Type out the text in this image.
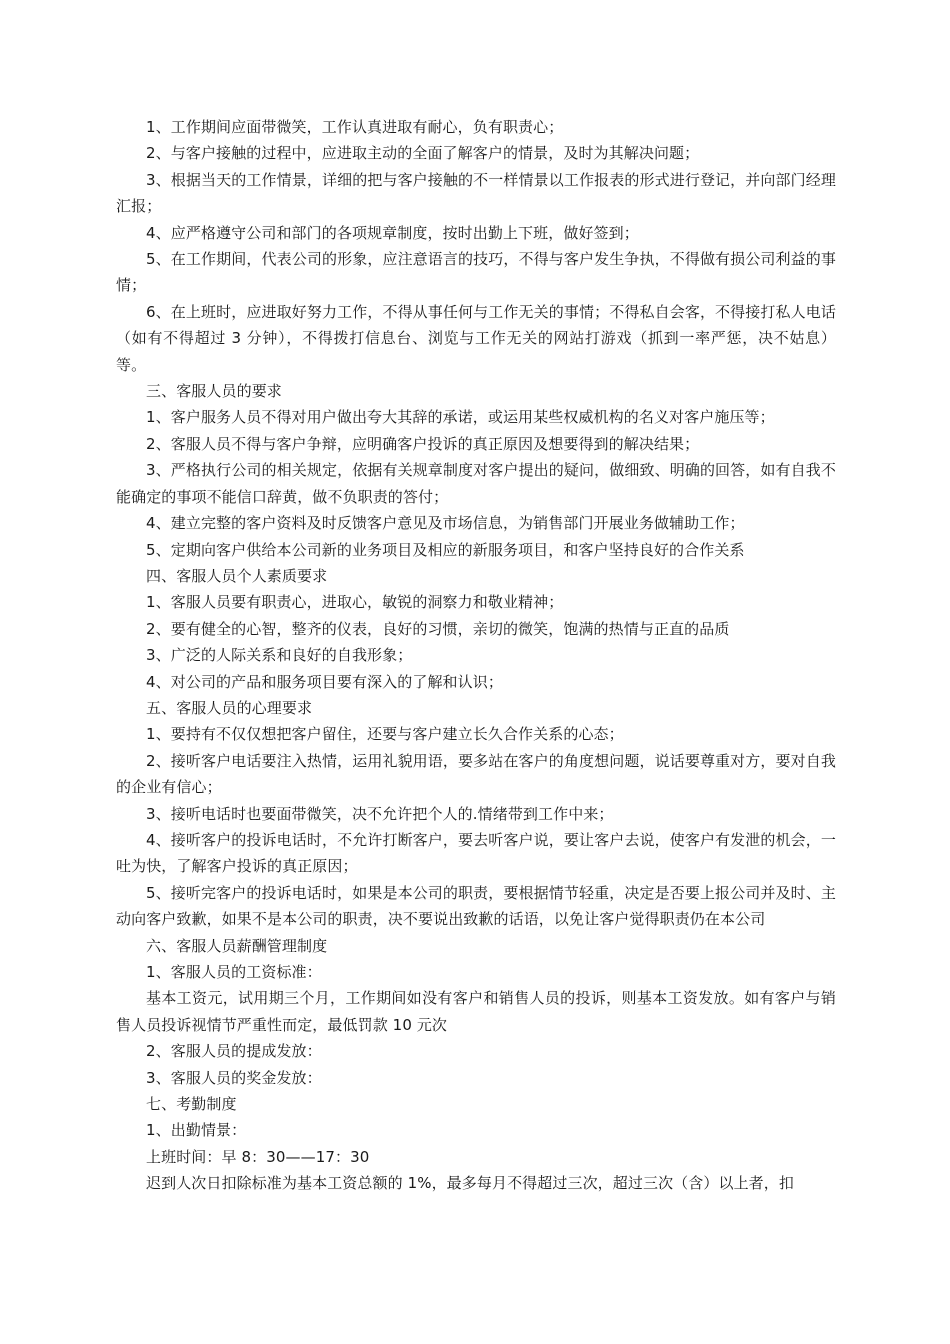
1、工作期间应面带微笑，工作认真进取有耐心，负有职责心；

2、与客户接触的过程中，应进取主动的全面了解客户的情景，及时为其解决问题；

3、根据当天的工作情景，详细的把与客户接触的不一样情景以工作报表的形式进行登记，并向部门经理汇报；

4、应严格遵守公司和部门的各项规章制度，按时出勤上下班，做好签到；

5、在工作期间，代表公司的形象，应注意语言的技巧，不得与客户发生争执，不得做有损公司利益的事情；

6、在上班时，应进取好努力工作，不得从事任何与工作无关的事情；不得私自会客，不得接打私人电话（如有不得超过 3 分钟），不得拨打信息台、浏览与工作无关的网站打游戏（抓到一率严惩，决不姑息）等。

三、客服人员的要求

1、客户服务人员不得对用户做出夸大其辞的承诺，或运用某些权威机构的名义对客户施压等；

2、客服人员不得与客户争辩，应明确客户投诉的真正原因及想要得到的解决结果；

3、严格执行公司的相关规定，依据有关规章制度对客户提出的疑问，做细致、明确的回答，如有自我不能确定的事项不能信口辞黄，做不负职责的答付；

4、建立完整的客户资料及时反馈客户意见及市场信息，为销售部门开展业务做辅助工作；

5、定期向客户供给本公司新的业务项目及相应的新服务项目，和客户坚持良好的合作关系

四、客服人员个人素质要求

1、客服人员要有职责心，进取心，敏锐的洞察力和敬业精神；

2、要有健全的心智，整齐的仪表，良好的习惯，亲切的微笑，饱满的热情与正直的品质

3、广泛的人际关系和良好的自我形象；

4、对公司的产品和服务项目要有深入的了解和认识；

五、客服人员的心理要求

1、要持有不仅仅想把客户留住，还要与客户建立长久合作关系的心态；

2、接听客户电话要注入热情，运用礼貌用语，要多站在客户的角度想问题，说话要尊重对方，要对自我的企业有信心；

3、接听电话时也要面带微笑，决不允许把个人的.情绪带到工作中来；

4、接听客户的投诉电话时，不允许打断客户，要去听客户说，要让客户去说，使客户有发泄的机会，一吐为快，了解客户投诉的真正原因；

5、接听完客户的投诉电话时，如果是本公司的职责，要根据情节轻重，决定是否要上报公司并及时、主动向客户致歉，如果不是本公司的职责，决不要说出致歉的话语，以免让客户觉得职责仍在本公司

六、客服人员薪酬管理制度

1、客服人员的工资标准：

基本工资元，试用期三个月，工作期间如没有客户和销售人员的投诉，则基本工资发放。如有客户与销售人员投诉视情节严重性而定，最低罚款 10 元次

2、客服人员的提成发放：

3、客服人员的奖金发放：

七、考勤制度

1、出勤情景：

上班时间：早 8：30——17：30

迟到人次日扣除标准为基本工资总额的 1%，最多每月不得超过三次，超过三次（含）以上者，扣
